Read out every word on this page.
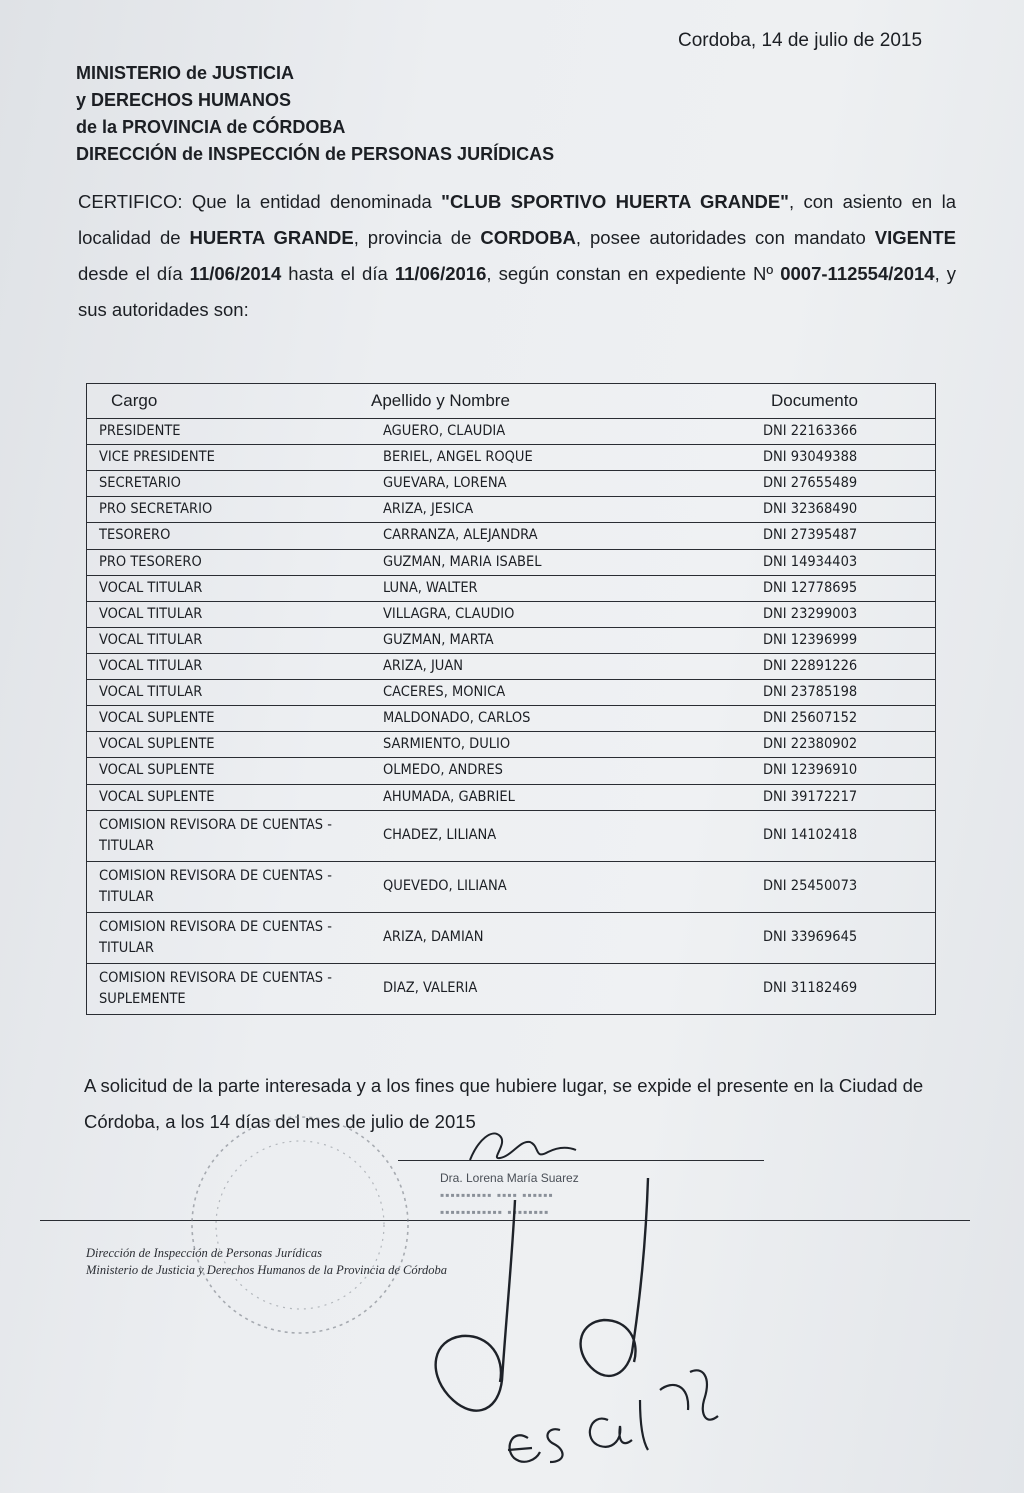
Cordoba, 14 de julio de 2015
MINISTERIO de JUSTICIA
y DERECHOS HUMANOS
de la PROVINCIA de CÓRDOBA
DIRECCIÓN de INSPECCIÓN de PERSONAS JURÍDICAS
CERTIFICO: Que la entidad denominada "CLUB SPORTIVO HUERTA GRANDE", con asiento en la localidad de HUERTA GRANDE, provincia de CORDOBA, posee autoridades con mandato VIGENTE desde el día 11/06/2014 hasta el día 11/06/2016, según constan en expediente Nº 0007-112554/2014, y sus autoridades son:
Cargo	Apellido y Nombre	Documento
PRESIDENTE	AGUERO, CLAUDIA	DNI 22163366
VICE PRESIDENTE	BERIEL, ANGEL ROQUE	DNI 93049388
SECRETARIO	GUEVARA, LORENA	DNI 27655489
PRO SECRETARIO	ARIZA, JESICA	DNI 32368490
TESORERO	CARRANZA, ALEJANDRA	DNI 27395487
PRO TESORERO	GUZMAN, MARIA ISABEL	DNI 14934403
VOCAL TITULAR	LUNA, WALTER	DNI 12778695
VOCAL TITULAR	VILLAGRA, CLAUDIO	DNI 23299003
VOCAL TITULAR	GUZMAN, MARTA	DNI 12396999
VOCAL TITULAR	ARIZA, JUAN	DNI 22891226
VOCAL TITULAR	CACERES, MONICA	DNI 23785198
VOCAL SUPLENTE	MALDONADO, CARLOS	DNI 25607152
VOCAL SUPLENTE	SARMIENTO, DULIO	DNI 22380902
VOCAL SUPLENTE	OLMEDO, ANDRES	DNI 12396910
VOCAL SUPLENTE	AHUMADA, GABRIEL	DNI 39172217
COMISION REVISORA DE CUENTAS - TITULAR	CHADEZ, LILIANA	DNI 14102418
COMISION REVISORA DE CUENTAS - TITULAR	QUEVEDO, LILIANA	DNI 25450073
COMISION REVISORA DE CUENTAS - TITULAR	ARIZA, DAMIAN	DNI 33969645
COMISION REVISORA DE CUENTAS - SUPLEMENTE	DIAZ, VALERIA	DNI 31182469
A solicitud de la parte interesada y a los fines que hubiere lugar, se expide el presente en la Ciudad de Córdoba, a los 14 días del mes de julio de 2015
Dra. Lorena María Suarez
▪▪▪▪▪▪▪▪▪▪ ▪▪▪▪ ▪▪▪▪▪▪
▪▪▪▪▪▪▪▪▪▪▪▪ ▪▪▪▪▪▪▪▪
Dirección de Inspección de Personas Jurídicas
Ministerio de Justicia y Derechos Humanos de la Provincia de Córdoba
